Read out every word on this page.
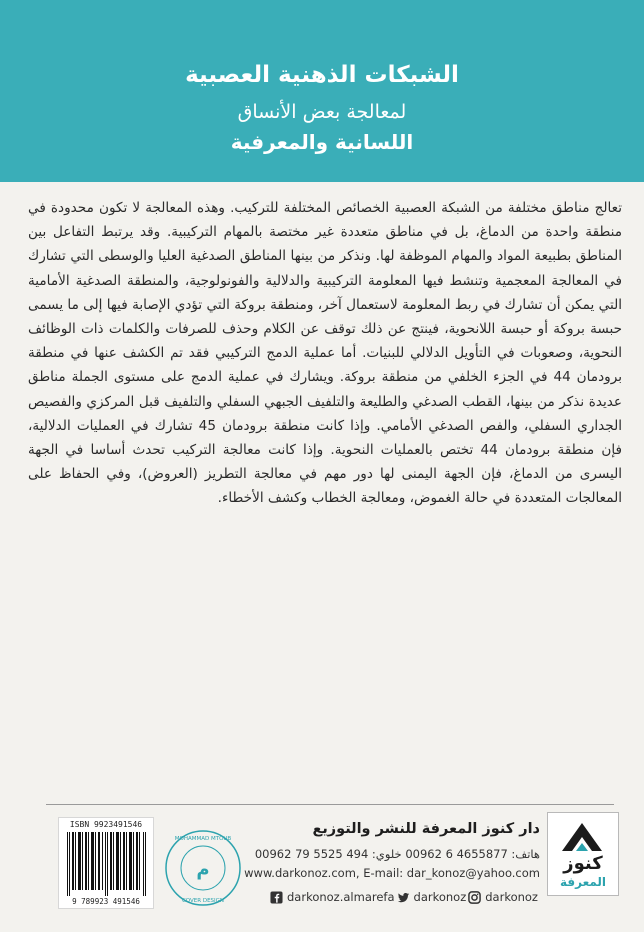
الشبكات الذهنية العصبية
لمعالجة بعض الأنساق
اللسانية والمعرفية

تعالج مناطق مختلفة من الشبكة العصبية الخصائص المختلفة للتركيب. وهذه المعالجة لا تكون محدودة في منطقة واحدة من الدماغ، بل في مناطق متعددة غير مختصة بالمهام التركيبية. وقد يرتبط التفاعل بين المناطق بطبيعة المواد والمهام الموظفة لها. ونذكر من بينها المناطق الصدغية العليا والوسطى التي تشارك في المعالجة المعجمية وتنشط فيها المعلومة التركيبية والدلالية والفونولوجية، والمنطقة الصدغية الأمامية التي يمكن أن تشارك في ربط المعلومة لاستعمال آخر، ومنطقة بروكة التي تؤدي الإصابة فيها إلى ما يسمى حبسة بروكة أو حبسة اللانحوية، فينتج عن ذلك توقف عن الكلام وحذف للصرفات والكلمات ذات الوظائف النحوية، وصعوبات في التأويل الدلالي للبنيات. أما عملية الدمج التركيبي فقد تم الكشف عنها في منطقة برودمان 44 في الجزء الخلفي من منطقة بروكة. ويشارك في عملية الدمج على مستوى الجملة مناطق عديدة نذكر من بينها، القطب الصدغي والطليعة والتلفيف الجبهي السفلي والتلفيف قبل المركزي والفصيص الجداري السفلي، والفص الصدغي الأمامي. وإذا كانت منطقة برودمان 45 تشارك في العمليات الدلالية، فإن منطقة برودمان 44 تختص بالعمليات النحوية. وإذا كانت معالجة التركيب تحدث أساسا في الجهة اليسرى من الدماغ، فإن الجهة اليمنى لها دور مهم في معالجة التطريز (العروض)، وفي الحفاظ على المعالجات المتعددة في حالة الغموض، ومعالجة الخطاب وكشف الأخطاء.

كنوز
المعرفة
دار كنوز المعرفة للنشر والتوزيع
هاتف: 4655877 6 00962 خلوي: 494 5525 79 00962
www.darkonoz.com, E-mail: dar_konoz@yahoo.com
darkonoz.almarefa darkonoz darkonoz
م
MOHAMMAD MTOUB
COVER DESIGN
ISBN 9923491546
9 789923 491546
